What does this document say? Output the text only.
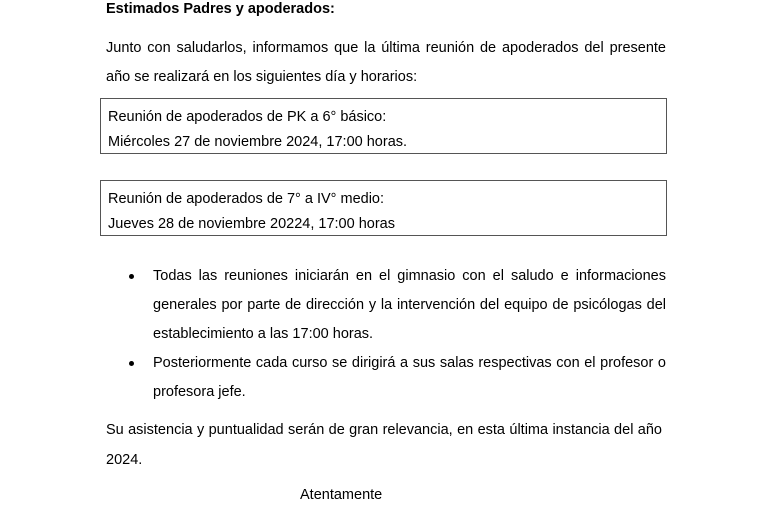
Estimados Padres y apoderados:
Junto con saludarlos, informamos que la última reunión de apoderados del presente año se realizará en los siguientes día y horarios:
Reunión de apoderados de PK a 6° básico:
Miércoles 27 de noviembre 2024, 17:00 horas.
Reunión de apoderados de 7° a IV° medio:
Jueves 28 de noviembre 20224, 17:00 horas
Todas las reuniones iniciarán en el gimnasio con el saludo e informaciones generales por parte de dirección y la intervención del equipo de psicólogas del establecimiento a las 17:00 horas.
Posteriormente cada curso se dirigirá a sus salas respectivas con el profesor o profesora jefe.
Su asistencia y puntualidad serán de gran relevancia, en esta última instancia del año 2024.
Atentamente
